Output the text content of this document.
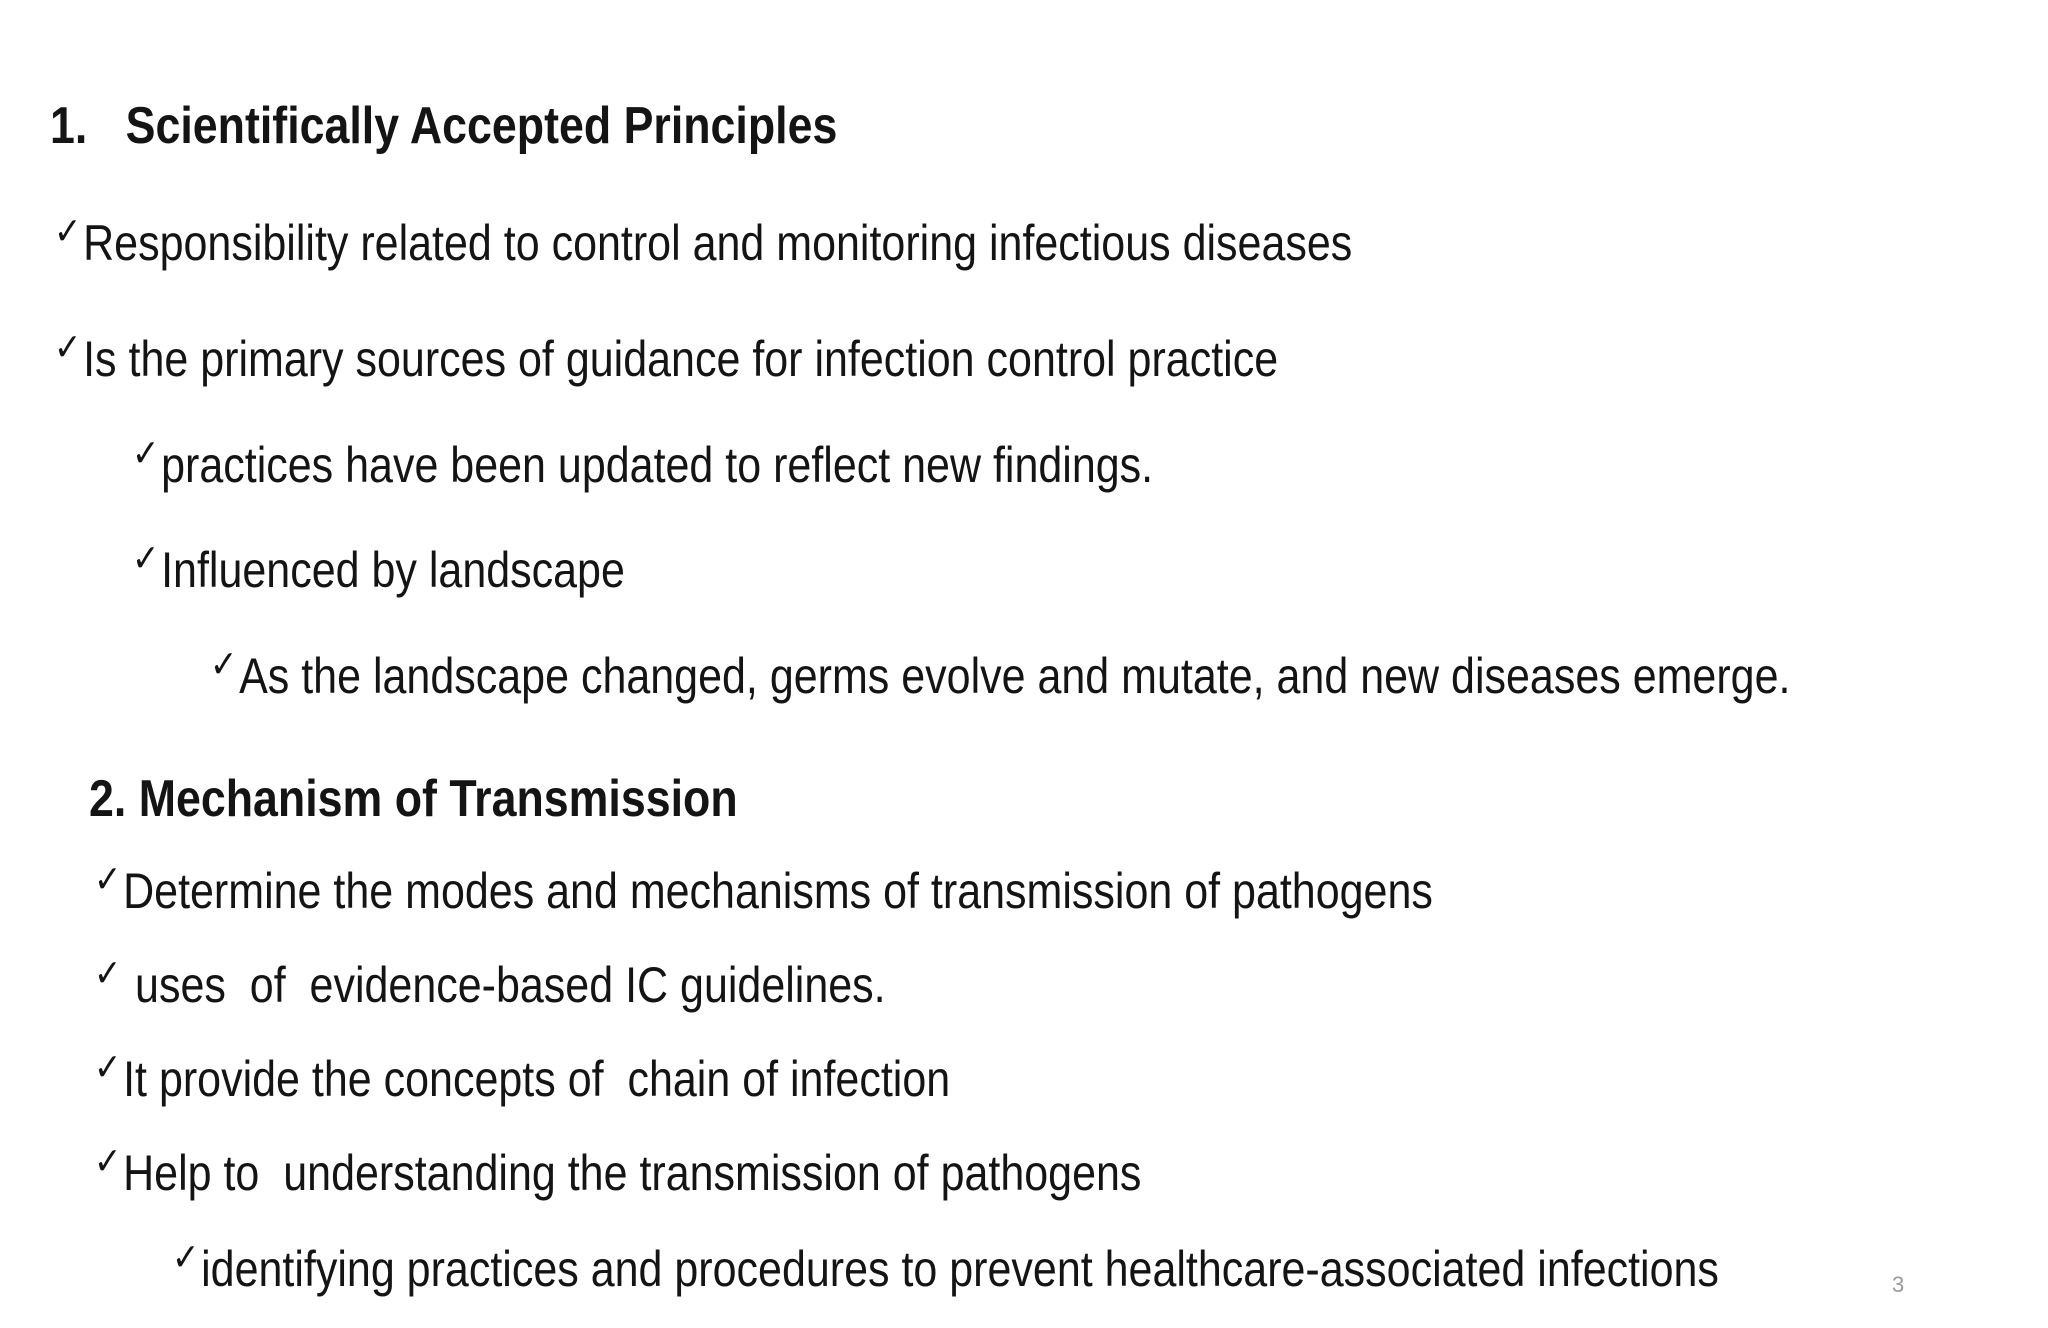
1. Scientifically Accepted Principles
✓Responsibility related to control and monitoring infectious diseases
✓Is the primary sources of guidance for infection control practice
✓practices have been updated to reflect new findings.
✓Influenced by landscape
✓As the landscape changed, germs evolve and mutate, and new diseases emerge.
2. Mechanism of Transmission
✓Determine the modes and mechanisms of transmission of pathogens
✓ uses  of  evidence-based IC guidelines.
✓It provide the concepts of  chain of infection
✓Help to  understanding the transmission of pathogens
✓identifying practices and procedures to prevent healthcare-associated infections	3
